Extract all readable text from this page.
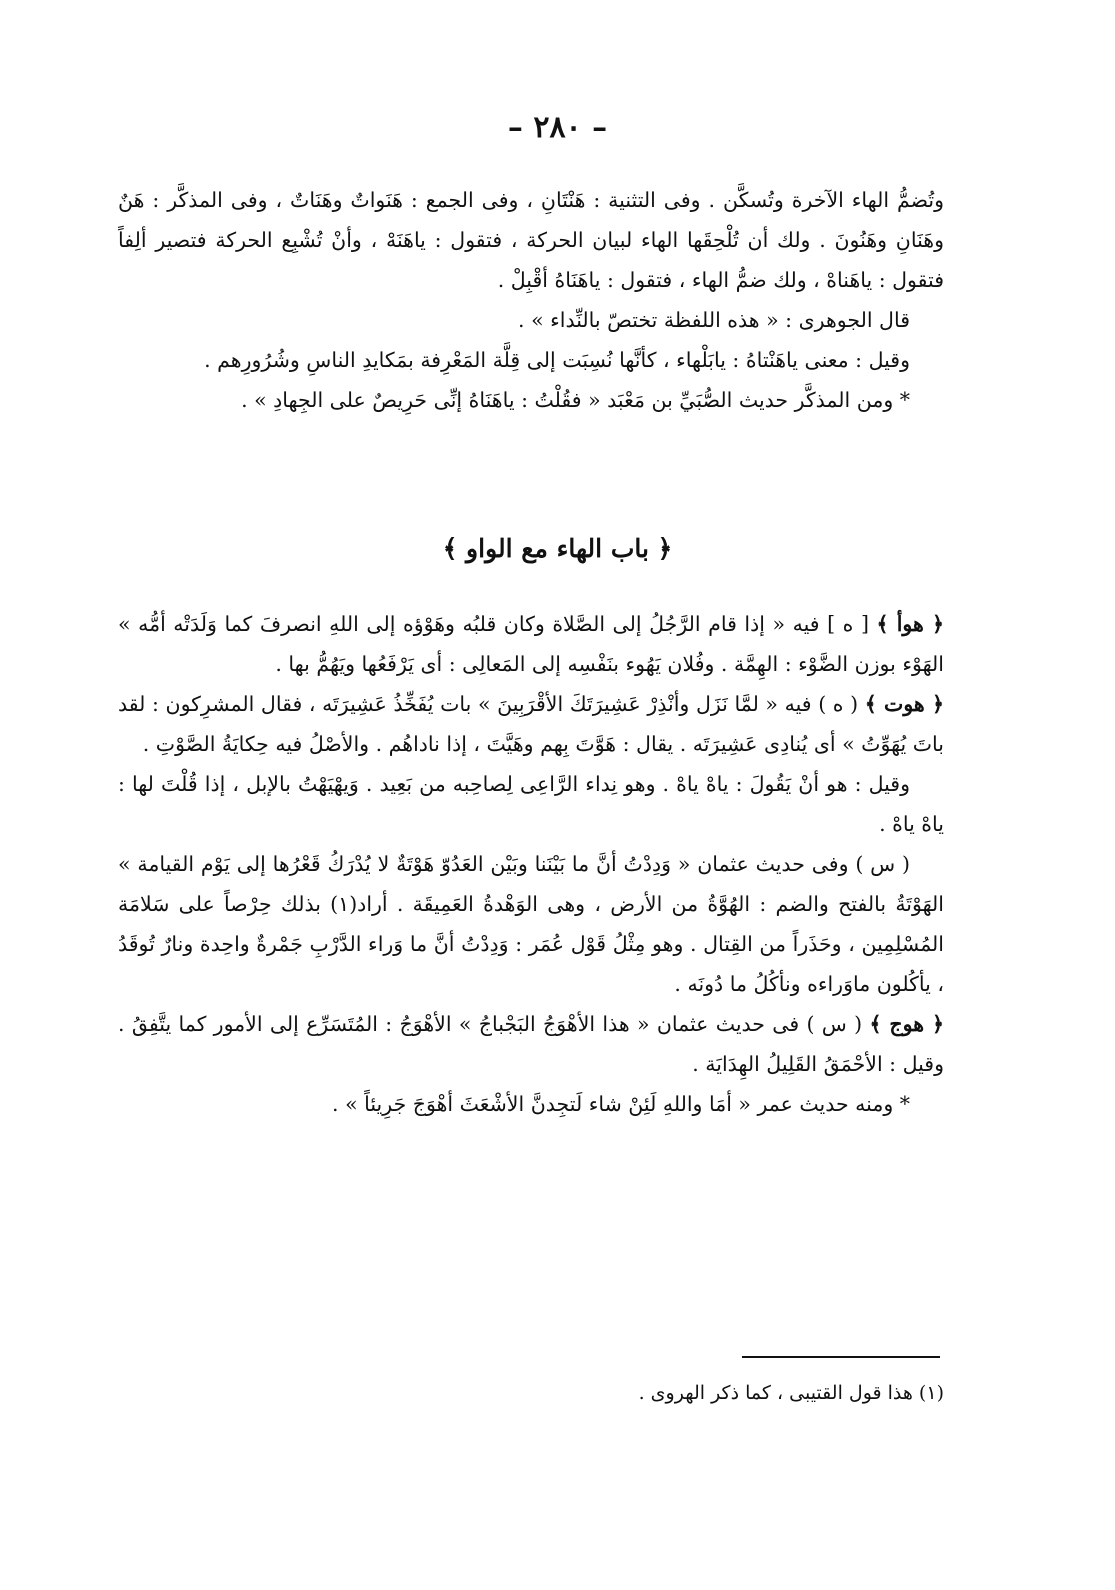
– ٢٨٠ –

وتُضمُّ الهاء الآخرة وتُسكَّن . وفى التثنية : هَنْتَانِ ، وفى الجمع : هَنَواتٌ وهَنَاتٌ ، وفى المذكَّر : هَنٌ وهَنَانِ وهَنُونَ . ولك أن تُلْحِقَها الهاء لبيان الحركة ، فتقول : ياهَنَهْ ، وأنْ تُشْبِع الحركة فتصير ألِفاً فتقول : ياهَناهْ ، ولك ضمُّ الهاء ، فتقول : ياهَنَاهُ أقْبِلْ .

قال الجوهرى : « هذه اللفظة تختصّ بالنِّداء » .

وقيل : معنى ياهَنْتاهُ : يابَلْهاء ، كأنَّها نُسِبَت إلى قِلَّة المَعْرِفة بمَكايدِ الناسِ وشُرُورِهم .

* ومن المذكَّر حديث الصُّبَيِّ بن مَعْبَد « فقُلْتُ : ياهَنَاهُ إنِّى حَرِيصٌ على الجِهادِ » .

﴿ باب الهاء مع الواو ﴾

﴿ هوأ ﴾ [ ه ] فيه « إذا قام الرَّجُلُ إلى الصَّلاة وكان قلبُه وهَوْؤه إلى اللهِ انصرفَ كما وَلَدَتْه أمُّه » الهَوْء بوزن الضَّوْء : الهِمَّة . وفُلان يَهُوء بنَفْسِه إلى المَعالِى : أى يَرْفَعُها ويَهُمُّ بها .

﴿ هوت ﴾ ( ه ) فيه « لمَّا نَزَل وأنْذِرْ عَشِيرَتَكَ الأقْرَبِينَ » بات يُفَخِّذُ عَشِيرَتَه ، فقال المشرِكون : لقد باتَ يُهَوِّتُ » أى يُنادِى عَشِيرَتَه . يقال : هَوَّتَ بِهم وهَيَّتَ ، إذا ناداهُم . والأصْلُ فيه حِكايَةُ الصَّوْتِ .

وقيل : هو أنْ يَقُولَ : ياهْ ياهْ . وهو نِداء الرَّاعِى لِصاحِبه من بَعِيد . وَيهْيَهْتُ بالإبل ، إذا قُلْتَ لها : ياهْ ياهْ .

( س ) وفى حديث عثمان « وَدِدْتُ أنَّ ما بَيْنَنا وبَيْن العَدُوّ هَوْتَةٌ لا يُدْرَكُ قَعْرُها إلى يَوْم القيامة » الهَوْتَةُ بالفتح والضم : الهُوَّةُ من الأرض ، وهى الوَهْدةُ العَمِيقَة . أراد(١) بذلك حِرْصاً على سَلامَة المُسْلِمِين ، وحَذَراً من القِتال . وهو مِثْلُ قَوْل عُمَر : وَدِدْتُ أنَّ ما وَراء الدَّرْبِ جَمْرةٌ واحِدة ونارٌ تُوقَدُ ، يأكُلون ماوَراءه ونأكُلُ ما دُونَه .

﴿ هوج ﴾ ( س ) فى حديث عثمان « هذا الأهْوَجُ البَجْباجُ » الأهْوَجُ : المُتَسَرِّع إلى الأمور كما يتَّفِقُ . وقيل : الأحْمَقُ القَلِيلُ الهِدَايَة .

* ومنه حديث عمر « أمَا واللهِ لَئِنْ شاء لَتجِدنَّ الأشْعَثَ أهْوَجَ جَرِيئاً » .

(١) هذا قول القتيبى ، كما ذكر الهروى .
